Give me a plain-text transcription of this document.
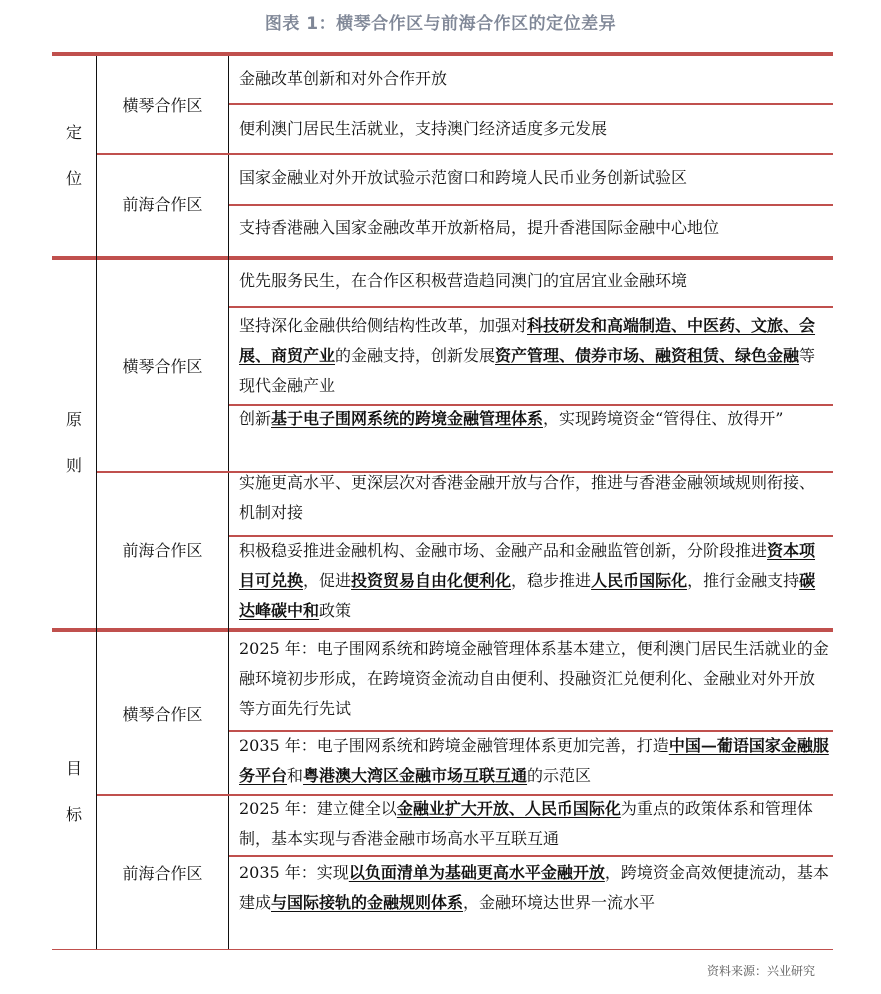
图表 1：横琴合作区与前海合作区的定位差异
定
位
原
则
目
标
横琴合作区
前海合作区
横琴合作区
前海合作区
横琴合作区
前海合作区
金融改革创新和对外合作开放
便利澳门居民生活就业，支持澳门经济适度多元发展
国家金融业对外开放试验示范窗口和跨境人民币业务创新试验区
支持香港融入国家金融改革开放新格局，提升香港国际金融中心地位
优先服务民生，在合作区积极营造趋同澳门的宜居宜业金融环境
坚持深化金融供给侧结构性改革，加强对科技研发和高端制造、中医药、文旅、会展、商贸产业的金融支持，创新发展资产管理、债券市场、融资租赁、绿色金融等现代金融产业
创新基于电子围网系统的跨境金融管理体系，实现跨境资金“管得住、放得开”
实施更高水平、更深层次对香港金融开放与合作，推进与香港金融领域规则衔接、机制对接
积极稳妥推进金融机构、金融市场、金融产品和金融监管创新，分阶段推进资本项目可兑换，促进投资贸易自由化便利化，稳步推进人民币国际化，推行金融支持碳达峰碳中和政策
2025 年：电子围网系统和跨境金融管理体系基本建立，便利澳门居民生活就业的金融环境初步形成，在跨境资金流动自由便利、投融资汇兑便利化、金融业对外开放等方面先行先试
2035 年：电子围网系统和跨境金融管理体系更加完善，打造中国—葡语国家金融服务平台和粤港澳大湾区金融市场互联互通的示范区
2025 年：建立健全以金融业扩大开放、人民币国际化为重点的政策体系和管理体制，基本实现与香港金融市场高水平互联互通
2035 年：实现以负面清单为基础更高水平金融开放，跨境资金高效便捷流动，基本建成与国际接轨的金融规则体系，金融环境达世界一流水平
资料来源：兴业研究
